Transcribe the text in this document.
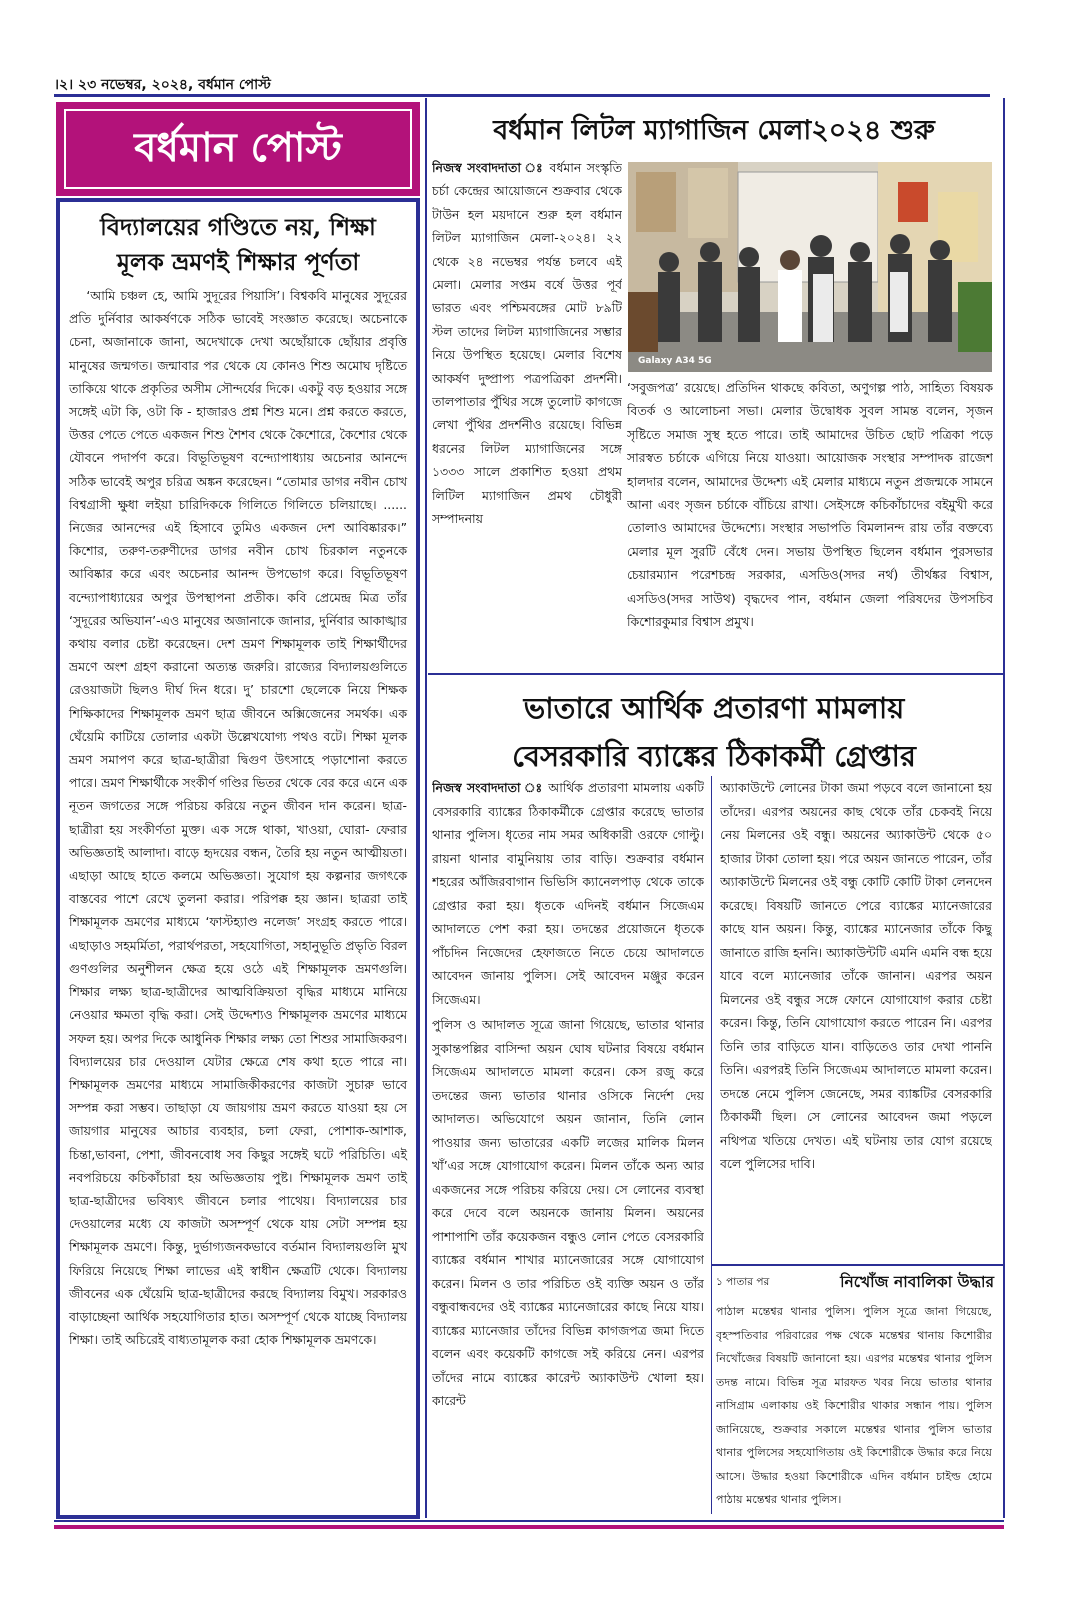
।২। ২৩ নভেম্বর, ২০২৪, বর্ধমান পোস্ট
বর্ধমান পোস্ট
বিদ্যালয়ের গণ্ডিতে নয়, শিক্ষা
মূলক ভ্রমণই শিক্ষার পূর্ণতা

‘আমি চঞ্চল হে, আমি সুদূরের পিয়াসি’। বিশ্বকবি মানুষের সুদূরের প্রতি দুর্নিবার আকর্ষণকে সঠিক ভাবেই সংজ্ঞাত করেছে। অচেনাকে চেনা, অজানাকে জানা, অদেখাকে দেখা অছোঁয়াকে ছোঁয়ার প্রবৃত্তি মানুষের জন্মগত। জন্মাবার পর থেকে যে কোনও শিশু অমোঘ দৃষ্টিতে তাকিয়ে থাকে প্রকৃতির অসীম সৌন্দর্যের দিকে। একটু বড় হওয়ার সঙ্গে সঙ্গেই এটা কি, ওটা কি - হাজারও প্রশ্ন শিশু মনে। প্রশ্ন করতে করতে, উত্তর পেতে পেতে একজন শিশু শৈশব থেকে কৈশোরে, কৈশোর থেকে যৌবনে পদার্পণ করে। বিভূতিভূষণ বন্দ্যোপাধ্যায় অচেনার আনন্দে সঠিক ভাবেই অপুর চরিত্র অঙ্কন করেছেন। “তোমার ডাগর নবীন চোখ বিশ্বগ্রাসী ক্ষুধা লইয়া চারিদিককে গিলিতে গিলিতে চলিয়াছে। ...... নিজের আনন্দের এই হিসাবে তুমিও একজন দেশ আবিষ্কারক।” কিশোর, তরুণ-তরুণীদের ডাগর নবীন চোখ চিরকাল নতুনকে আবিষ্কার করে এবং অচেনার আনন্দ উপভোগ করে। বিভূতিভূষণ বন্দ্যোপাধ্যায়ের অপুর উপস্থাপনা প্রতীক। কবি প্রেমেন্দ্র মিত্র তাঁর ‘সুদূরের অভিযান’-এও মানুষের অজানাকে জানার, দুর্নিবার আকাঙ্খার কথায় বলার চেষ্টা করেছেন। দেশ ভ্রমণ শিক্ষামূলক তাই শিক্ষার্থীদের ভ্রমণে অংশ গ্রহণ করানো অত্যন্ত জরুরি। রাজ্যের বিদ্যালয়গুলিতে রেওয়াজটা ছিলও দীর্ঘ দিন ধরে। দু’ চারশো ছেলেকে নিয়ে শিক্ষক শিক্ষিকাদের শিক্ষামূলক ভ্রমণ ছাত্র জীবনে অক্সিজেনের সমর্থক। এক ঘেঁয়েমি কাটিয়ে তোলার একটা উল্লেখযোগ্য পথও বটে। শিক্ষা মূলক ভ্রমণ সমাপণ করে ছাত্র-ছাত্রীরা দ্বিগুণ উৎসাহে পড়াশোনা করতে পারে। ভ্রমণ শিক্ষার্থীকে সংকীর্ণ গণ্ডির ভিতর থেকে বের করে এনে এক নূতন জগতের সঙ্গে পরিচয় করিয়ে নতুন জীবন দান করেন। ছাত্র-ছাত্রীরা হয় সংকীর্ণতা মুক্ত। এক সঙ্গে থাকা, খাওয়া, ঘোরা- ফেরার অভিজ্ঞতাই আলাদা। বাড়ে হৃদয়ের বন্ধন, তৈরি হয় নতুন আত্মীয়তা। এছাড়া আছে হাতে কলমে অভিজ্ঞতা। সুযোগ হয় কল্পনার জগৎকে বাস্তবের পাশে রেখে তুলনা করার। পরিপক্ক হয় জ্ঞান। ছাত্ররা তাই শিক্ষামূলক ভ্রমণের মাধ্যমে ‘ফাস্টহ্যাণ্ড নলেজ’ সংগ্রহ করতে পারে। এছাড়াও সহমর্মিতা, পরার্থপরতা, সহযোগিতা, সহানুভূতি প্রভৃতি বিরল গুণগুলির অনুশীলন ক্ষেত্র হয়ে ওঠে এই শিক্ষামূলক ভ্রমণগুলি। শিক্ষার লক্ষ্য ছাত্র-ছাত্রীদের আত্মবিক্রিয়তা বৃদ্ধির মাধ্যমে মানিয়ে নেওয়ার ক্ষমতা বৃদ্ধি করা। সেই উদ্দেশ্যও শিক্ষামূলক ভ্রমণের মাধ্যমে সফল হয়। অপর দিকে আধুনিক শিক্ষার লক্ষ্য তো শিশুর সামাজিকরণ। বিদ্যালয়ের চার দেওয়াল যেটার ক্ষেত্রে শেষ কথা হতে পারে না। শিক্ষামূলক ভ্রমণের মাধ্যমে সামাজিকীকরণের কাজটা সুচারু ভাবে সম্পন্ন করা সম্ভব। তাছাড়া যে জায়গায় ভ্রমণ করতে যাওয়া হয় সে জায়গার মানুষের আচার ব্যবহার, চলা ফেরা, পোশাক-আশাক, চিন্তা,ভাবনা, পেশা, জীবনবোধ সব কিছুর সঙ্গেই ঘটে পরিচিতি। এই নবপরিচয়ে কচিকাঁচারা হয় অভিজ্ঞতায় পুষ্ট। শিক্ষামূলক ভ্রমণ তাই ছাত্র-ছাত্রীদের ভবিষ্যৎ জীবনে চলার পাথেয়। বিদ্যালয়ের চার দেওয়ালের মধ্যে যে কাজটা অসম্পূর্ণ থেকে যায় সেটা সম্পন্ন হয় শিক্ষামূলক ভ্রমণে। কিন্তু, দুর্ভাগ্যজনকভাবে বর্তমান বিদ্যালয়গুলি মুখ ফিরিয়ে নিয়েছে শিক্ষা লাভের এই স্বাধীন ক্ষেত্রটি থেকে। বিদ্যালয় জীবনের এক ঘেঁয়েমি ছাত্র-ছাত্রীদের করছে বিদ্যালয় বিমুখ। সরকারও বাড়াচ্ছেনা আর্থিক সহযোগিতার হাত। অসম্পূর্ণ থেকে যাচ্ছে বিদ্যালয় শিক্ষা। তাই অচিরেই বাধ্যতামূলক করা হোক শিক্ষামূলক ভ্রমণকে।

বর্ধমান লিটল ম্যাগাজিন মেলা২০২৪ শুরু
নিজস্ব সংবাদদাতা ঃ বর্ধমান সংস্কৃতি চর্চা কেন্দ্রের আয়োজনে শুক্রবার থেকে টাউন হল ময়দানে শুরু হল বর্ধমান লিটল ম্যাগাজিন মেলা-২০২৪। ২২ থেকে ২৪ নভেম্বর পর্যন্ত চলবে এই মেলা। মেলার সপ্তম বর্ষে উত্তর পূর্ব ভারত এবং পশ্চিমবঙ্গের মোট ৮৯টি স্টল তাদের লিটল ম্যাগাজিনের সম্ভার নিয়ে উপস্থিত হয়েছে। মেলার বিশেষ আকর্ষণ দুষ্প্রাপ্য পত্রপত্রিকা প্রদর্শনী। তালপাতার পুঁথির সঙ্গে তুলোট কাগজে লেখা পুঁথির প্রদর্শনীও রয়েছে। বিভিন্ন ধরনের লিটল ম্যাগাজিনের সঙ্গে ১৩৩৩ সালে প্রকাশিত হওয়া প্রথম লিটিল ম্যাগাজিন প্রমথ চৌধুরী সম্পাদনায়
Galaxy A34 5G
‘সবুজপত্র’ রয়েছে। প্রতিদিন থাকছে কবিতা, অণুগল্প পাঠ, সাহিত্য বিষয়ক বিতর্ক ও আলোচনা সভা। মেলার উদ্বোধক সুবল সামন্ত বলেন, সৃজন সৃষ্টিতে সমাজ সুস্থ হতে পারে। তাই আমাদের উচিত ছোট পত্রিকা পড়ে সারস্বত চর্চাকে এগিয়ে নিয়ে যাওয়া। আয়োজক সংস্থার সম্পাদক রাজেশ হালদার বলেন, আমাদের উদ্দেশ্য এই মেলার মাধ্যমে নতুন প্রজন্মকে সামনে আনা এবং সৃজন চর্চাকে বাঁচিয়ে রাখা। সেইসঙ্গে কচিকাঁচাদের বইমুখী করে তোলাও আমাদের উদ্দেশ্যে। সংস্থার সভাপতি বিমলানন্দ রায় তাঁর বক্তব্যে মেলার মূল সুরটি বেঁধে দেন। সভায় উপস্থিত ছিলেন বর্ধমান পুরসভার চেয়ারম্যান পরেশচন্দ্র সরকার, এসডিও(সদর নর্থ) তীর্থঙ্কর বিশ্বাস, এসডিও(সদর সাউথ) বৃদ্ধদেব পান, বর্ধমান জেলা পরিষদের উপসচিব কিশোরকুমার বিশ্বাস প্রমুখ।
ভাতারে আর্থিক প্রতারণা মামলায়
বেসরকারি ব্যাঙ্কের ঠিকাকর্মী গ্রেপ্তার
নিজস্ব সংবাদদাতা ঃ আর্থিক প্রতারণা মামলায় একটি বেসরকারি ব্যাঙ্কের ঠিকাকর্মীকে গ্রেপ্তার করেছে ভাতার থানার পুলিস। ধৃতের নাম সমর অধিকারী ওরফে গোল্টু। রায়না থানার বামুনিয়ায় তার বাড়ি। শুক্রবার বর্ধমান শহরের আঁজিরবাগান ভিভিসি ক্যানেলপাড় থেকে তাকে গ্রেপ্তার করা হয়। ধৃতকে এদিনই বর্ধমান সিজেএম আদালতে পেশ করা হয়। তদন্তের প্রয়োজনে ধৃতকে পাঁচদিন নিজেদের হেফাজতে নিতে চেয়ে আদালতে আবেদন জানায় পুলিস। সেই আবেদন মঞ্জুর করেন সিজেএম।
পুলিস ও আদালত সূত্রে জানা গিয়েছে, ভাতার থানার সুকান্তপল্লির বাসিন্দা অয়ন ঘোষ ঘটনার বিষয়ে বর্ধমান সিজেএম আদালতে মামলা করেন। কেস রজু করে তদন্তের জন্য ভাতার থানার ওসিকে নির্দেশ দেয় আদালত। অভিযোগে অয়ন জানান, তিনি লোন পাওয়ার জন্য ভাতারের একটি লজের মালিক মিলন খাঁ’এর সঙ্গে যোগাযোগ করেন। মিলন তাঁকে অন্য আর একজনের সঙ্গে পরিচয় করিয়ে দেয়। সে লোনের ব্যবস্থা করে দেবে বলে অয়নকে জানায় মিলন। অয়নের পাশাপাশি তাঁর কয়েকজন বন্ধুও লোন পেতে বেসরকারি ব্যাঙ্কের বর্ধমান শাখার ম্যানেজারের সঙ্গে যোগাযোগ করেন। মিলন ও তার পরিচিত ওই ব্যক্তি অয়ন ও তাঁর বন্ধুবান্ধবদের ওই ব্যাঙ্কের ম্যানেজারের কাছে নিয়ে যায়। ব্যাঙ্কের ম্যানেজার তাঁদের বিভিন্ন কাগজপত্র জমা দিতে বলেন এবং কয়েকটি কাগজে সই করিয়ে নেন। এরপর তাঁদের নামে ব্যাঙ্কের কারেন্ট অ্যাকাউন্ট খোলা হয়। কারেন্ট
অ্যাকাউন্টে লোনের টাকা জমা পড়বে বলে জানানো হয় তাঁদের। এরপর অয়নের কাছ থেকে তাঁর চেকবই নিয়ে নেয় মিলনের ওই বন্ধু। অয়নের অ্যাকাউন্ট থেকে ৫০ হাজার টাকা তোলা হয়। পরে অয়ন জানতে পারেন, তাঁর অ্যাকাউন্টে মিলনের ওই বন্ধু কোটি কোটি টাকা লেনদেন করেছে। বিষয়টি জানতে পেরে ব্যাঙ্কের ম্যানেজারের কাছে যান অয়ন। কিন্তু, ব্যাঙ্কের ম্যানেজার তাঁকে কিছু জানাতে রাজি হননি। অ্যাকাউন্টটি এমনি এমনি বন্ধ হয়ে যাবে বলে ম্যানেজার তাঁকে জানান। এরপর অয়ন মিলনের ওই বন্ধুর সঙ্গে ফোনে যোগাযোগ করার চেষ্টা করেন। কিন্তু, তিনি যোগাযোগ করতে পারেন নি। এরপর তিনি তার বাড়িতে যান। বাড়িতেও তার দেখা পাননি তিনি। এরপরই তিনি সিজেএম আদালতে মামলা করেন। তদন্তে নেমে পুলিস জেনেছে, সমর ব্যাঙ্কটির বেসরকারি ঠিকাকর্মী ছিল। সে লোনের আবেদন জমা পড়লে নথিপত্র খতিয়ে দেখত। এই ঘটনায় তার যোগ রয়েছে বলে পুলিসের দাবি।
১ পাতার পর	নিখোঁজ নাবালিকা উদ্ধার
পাঠাল মন্তেশ্বর থানার পুলিস। পুলিস সূত্রে জানা গিয়েছে, বৃহস্পতিবার পরিবারের পক্ষ থেকে মন্তেশ্বর থানায় কিশোরীর নিখোঁজের বিষয়টি জানানো হয়। এরপর মন্তেশ্বর থানার পুলিস তদন্ত নামে। বিভিন্ন সূত্র মারফত খবর নিয়ে ভাতার থানার নাসিগ্রাম এলাকায় ওই কিশোরীর থাকার সন্ধান পায়। পুলিস জানিয়েছে, শুক্রবার সকালে মন্তেশ্বর থানার পুলিস ভাতার থানার পুলিসের সহযোগিতায় ওই কিশোরীকে উদ্ধার করে নিয়ে আসে। উদ্ধার হওয়া কিশোরীকে এদিন বর্ধমান চাইল্ড হোমে পাঠায় মন্তেশ্বর থানার পুলিস।
